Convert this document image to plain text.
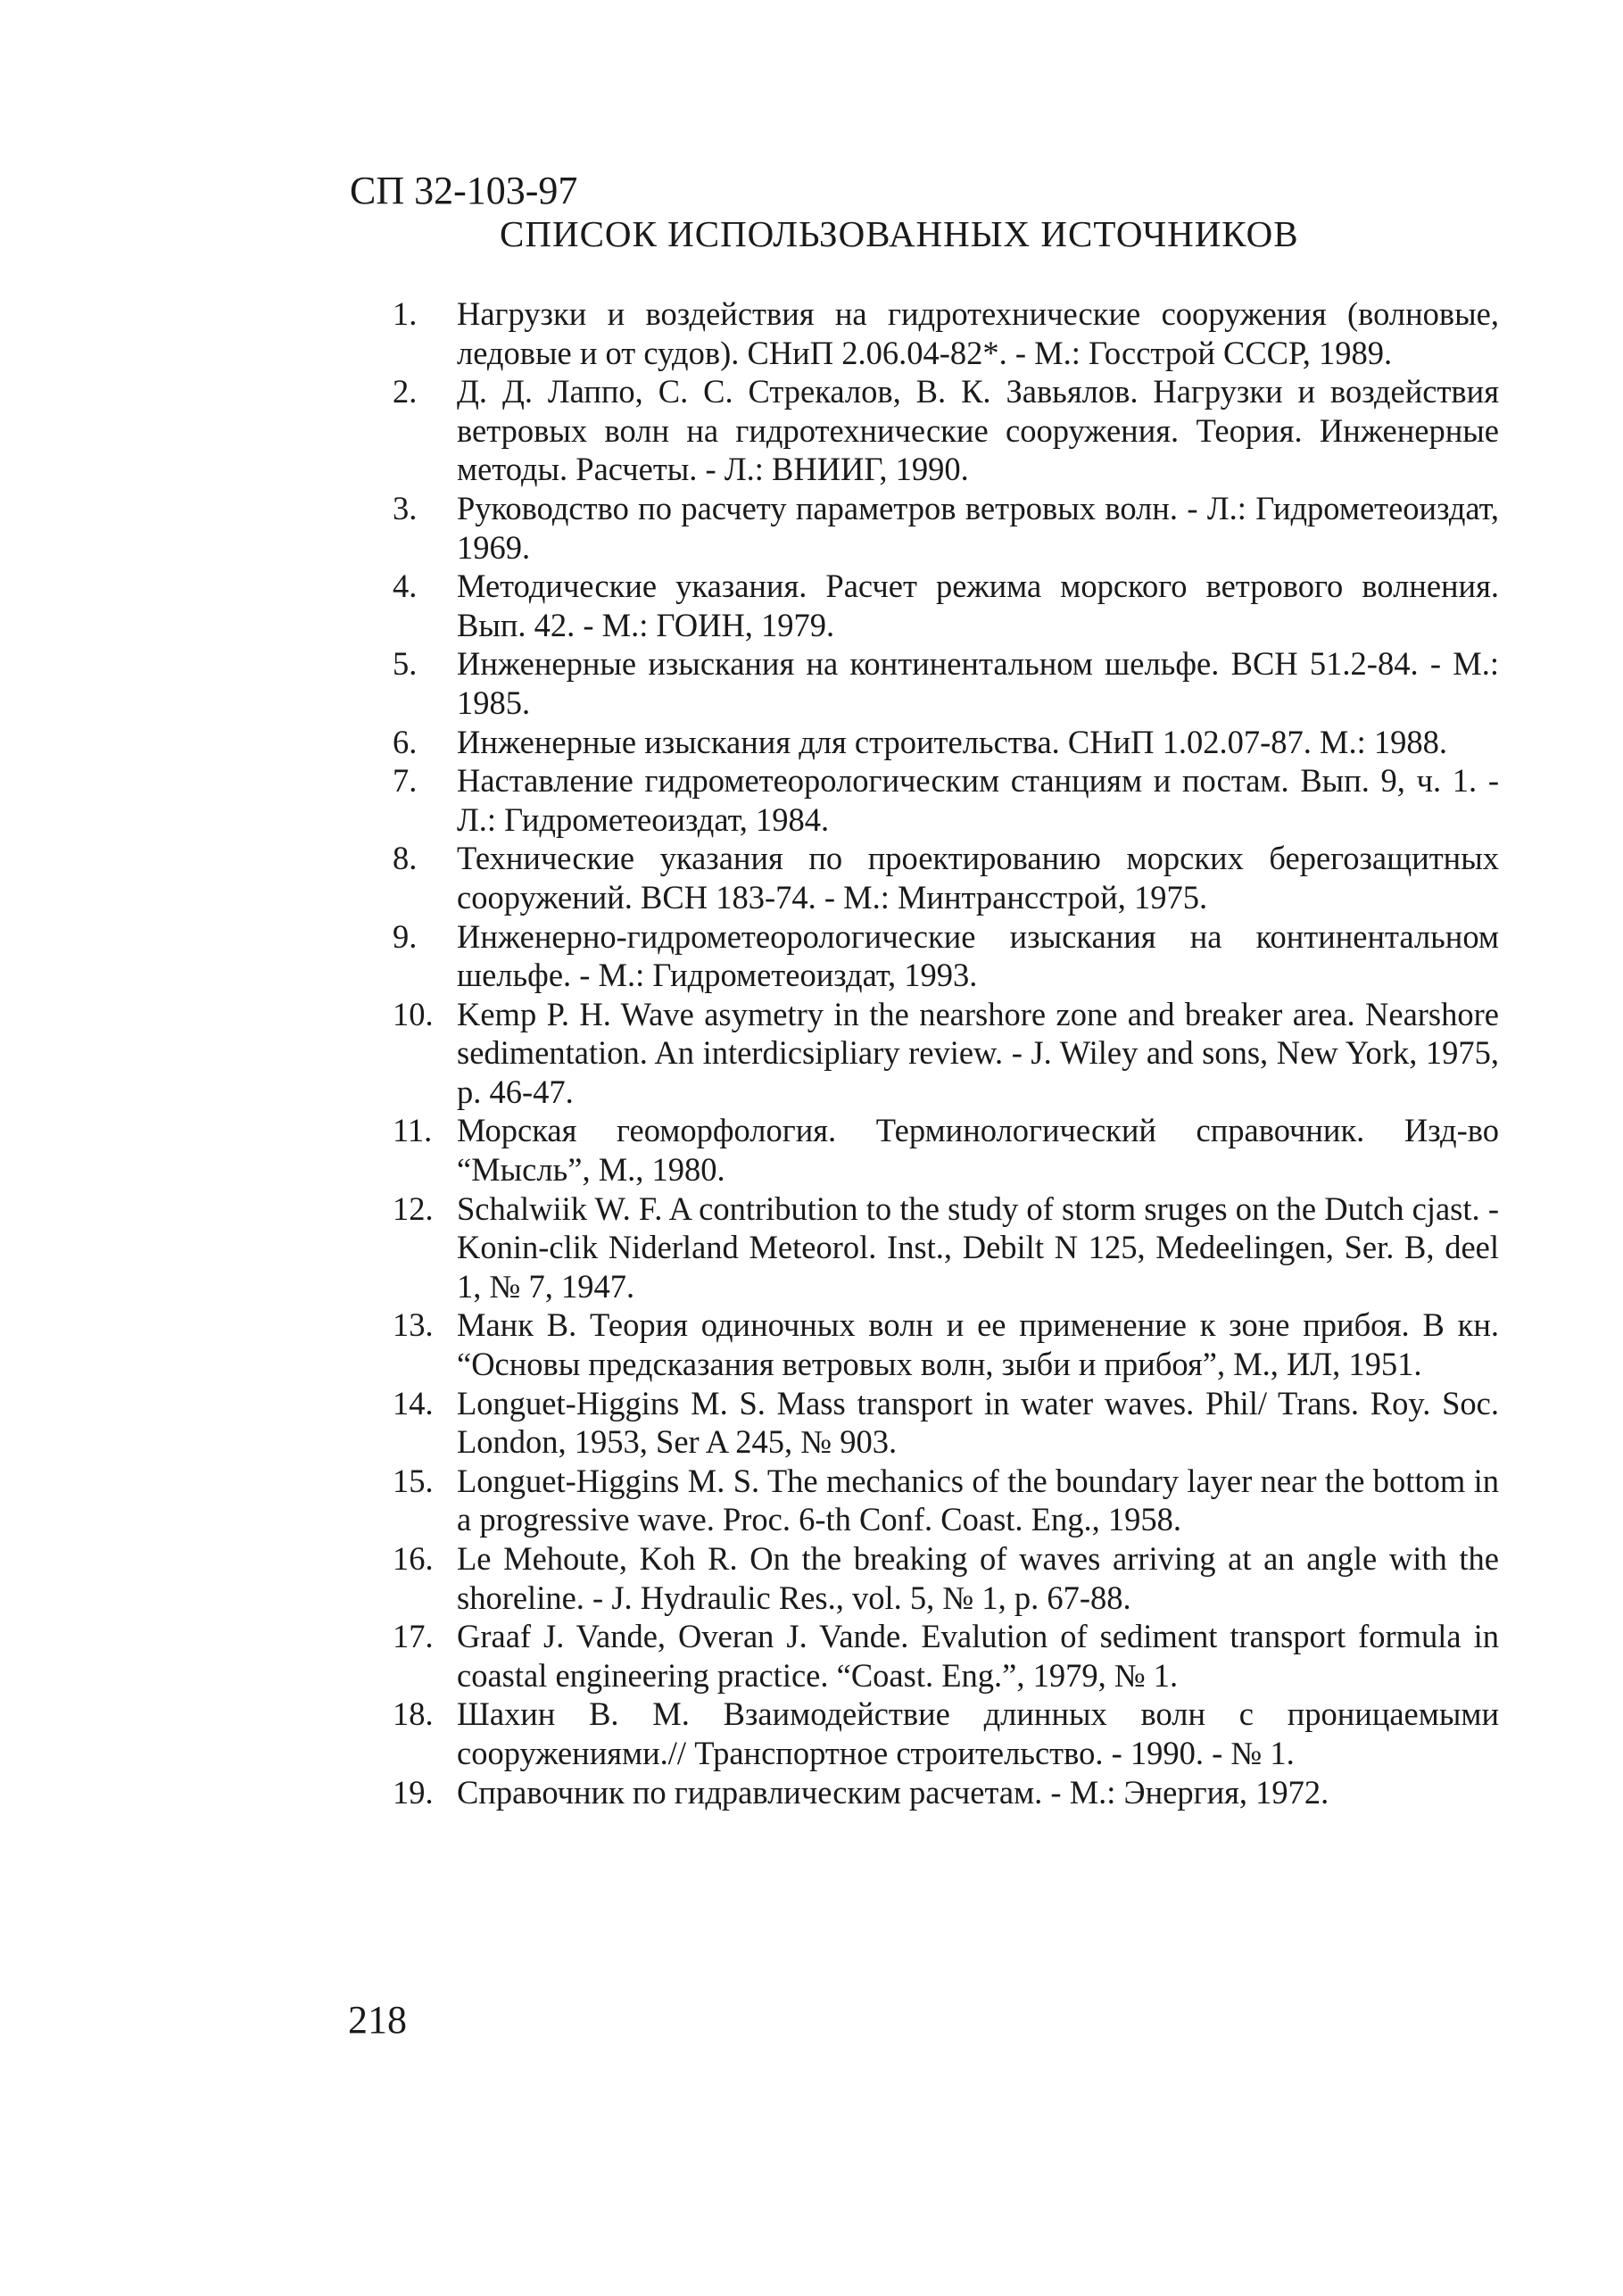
СП 32-103-97
СПИСОК ИСПОЛЬЗОВАННЫХ ИСТОЧНИКОВ
1.	Нагрузки и воздействия на гидротехнические сооружения (волновые, ледовые и от судов). СНиП 2.06.04-82*. - М.: Госстрой СССР, 1989.
2.	Д. Д. Лаппо, С. С. Стрекалов, В. К. Завьялов. Нагрузки и воздействия ветровых волн на гидротехнические сооружения. Теория. Инженерные методы. Расчеты. - Л.: ВНИИГ, 1990.
3.	Руководство по расчету параметров ветровых волн. - Л.: Гидрометеоиздат, 1969.
4.	Методические указания. Расчет режима морского ветрового волнения. Вып. 42. - М.: ГОИН, 1979.
5.	Инженерные изыскания на континентальном шельфе. ВСН 51.2-84. - М.: 1985.
6.	Инженерные изыскания для строительства. СНиП 1.02.07-87. М.: 1988.
7.	Наставление гидрометеорологическим станциям и постам. Вып. 9, ч. 1. - Л.: Гидрометеоиздат, 1984.
8.	Технические указания по проектированию морских берегозащитных сооружений. ВСН 183-74. - М.: Минтрансстрой, 1975.
9.	Инженерно-гидрометеорологические изыскания на континентальном шельфе. - М.: Гидрометеоиздат, 1993.
10. Kemp P. H. Wave asymetry in the nearshore zone and breaker area. Nearshore sedimentation. An interdicsipliary review. - J. Wiley and sons, New York, 1975, p. 46-47.
11. Морская геоморфология. Терминологический справочник. Изд-во “Мысль”, М., 1980.
12. Schalwiik W. F. A contribution to the study of storm sruges on the Dutch cjast. - Konin-clik Niderland Meteorol. Inst., Debilt N 125, Medeelingen, Ser. B, deel 1, № 7, 1947.
13. Манк В. Теория одиночных волн и ее применение к зоне прибоя. В кн. “Основы предсказания ветровых волн, зыби и прибоя”, М., ИЛ, 1951.
14. Longuet-Higgins M. S. Mass transport in water waves. Phil/ Trans. Roy. Soc. London, 1953, Ser A 245, № 903.
15. Longuet-Higgins M. S. The mechanics of the boundary layer near the bottom in a progressive wave. Proc. 6-th Conf. Coast. Eng., 1958.
16. Le Mehoute, Koh R. On the breaking of waves arriving at an angle with the shoreline. - J. Hydraulic Res., vol. 5, № 1, p. 67-88.
17. Graaf J. Vande, Overan J. Vande. Evalution of sediment transport formula in coastal engineering practice. “Coast. Eng.”, 1979, № 1.
18. Шахин В. М. Взаимодействие длинных волн с проницаемыми сооружениями.// Транспортное строительство. - 1990. - № 1.
19. Справочник по гидравлическим расчетам. - М.: Энергия, 1972.
218
